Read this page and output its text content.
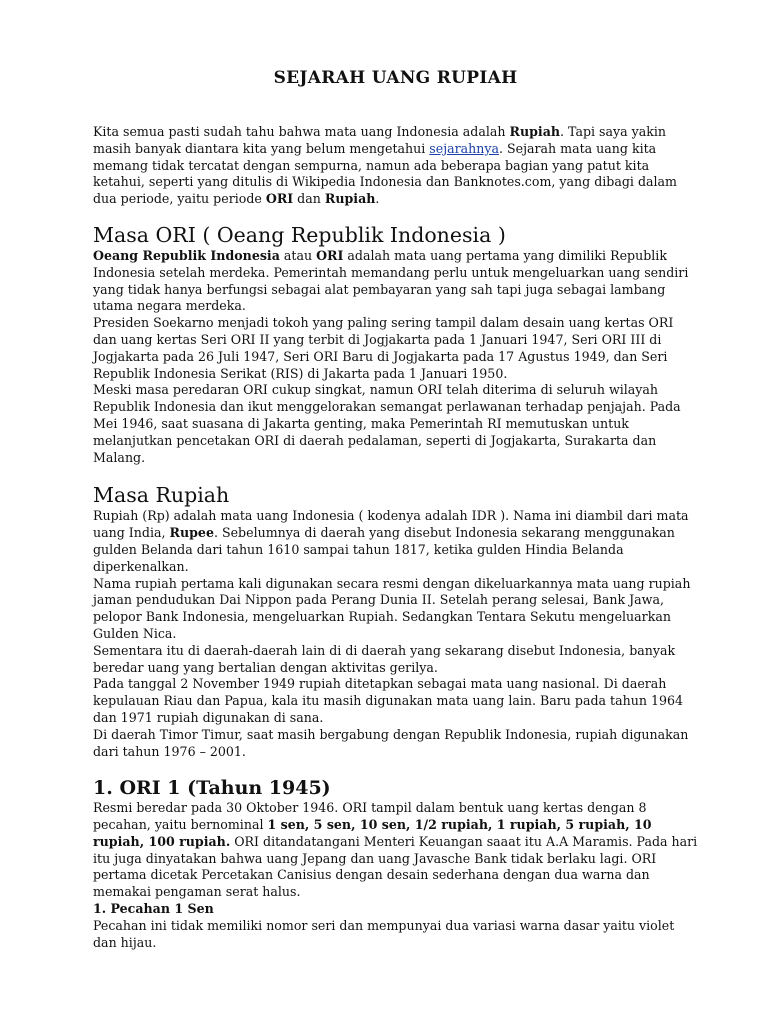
SEJARAH UANG RUPIAH

Kita semua pasti sudah tahu bahwa mata uang Indonesia adalah Rupiah. Tapi saya yakin masih banyak diantara kita yang belum mengetahui sejarahnya. Sejarah mata uang kita memang tidak tercatat dengan sempurna, namun ada beberapa bagian yang patut kita ketahui, seperti yang ditulis di Wikipedia Indonesia dan Banknotes.com, yang dibagi dalam dua periode, yaitu periode ORI dan Rupiah.

Masa ORI ( Oeang Republik Indonesia )

Oeang Republik Indonesia atau ORI adalah mata uang pertama yang dimiliki Republik Indonesia setelah merdeka. Pemerintah memandang perlu untuk mengeluarkan uang sendiri yang tidak hanya berfungsi sebagai alat pembayaran yang sah tapi juga sebagai lambang utama negara merdeka.

Presiden Soekarno menjadi tokoh yang paling sering tampil dalam desain uang kertas ORI dan uang kertas Seri ORI II yang terbit di Jogjakarta pada 1 Januari 1947, Seri ORI III di Jogjakarta pada 26 Juli 1947, Seri ORI Baru di Jogjakarta pada 17 Agustus 1949, dan Seri Republik Indonesia Serikat (RIS) di Jakarta pada 1 Januari 1950.

Meski masa peredaran ORI cukup singkat, namun ORI telah diterima di seluruh wilayah Republik Indonesia dan ikut menggelorakan semangat perlawanan terhadap penjajah. Pada Mei 1946, saat suasana di Jakarta genting, maka Pemerintah RI memutuskan untuk melanjutkan pencetakan ORI di daerah pedalaman, seperti di Jogjakarta, Surakarta dan Malang.

Masa Rupiah

Rupiah (Rp) adalah mata uang Indonesia ( kodenya adalah IDR ). Nama ini diambil dari mata uang India, Rupee. Sebelumnya di daerah yang disebut Indonesia sekarang menggunakan gulden Belanda dari tahun 1610 sampai tahun 1817, ketika gulden Hindia Belanda diperkenalkan.

Nama rupiah pertama kali digunakan secara resmi dengan dikeluarkannya mata uang rupiah jaman pendudukan Dai Nippon pada Perang Dunia II. Setelah perang selesai, Bank Jawa, pelopor Bank Indonesia, mengeluarkan Rupiah. Sedangkan Tentara Sekutu mengeluarkan Gulden Nica.

Sementara itu di daerah-daerah lain di di daerah yang sekarang disebut Indonesia, banyak beredar uang yang bertalian dengan aktivitas gerilya.

Pada tanggal 2 November 1949 rupiah ditetapkan sebagai mata uang nasional. Di daerah kepulauan Riau dan Papua, kala itu masih digunakan mata uang lain. Baru pada tahun 1964 dan 1971 rupiah digunakan di sana.

Di daerah Timor Timur, saat masih bergabung dengan Republik Indonesia, rupiah digunakan dari tahun 1976 – 2001.

1. ORI 1 (Tahun 1945)

Resmi beredar pada 30 Oktober 1946. ORI tampil dalam bentuk uang kertas dengan 8 pecahan, yaitu bernominal 1 sen, 5 sen, 10 sen, 1/2 rupiah, 1 rupiah, 5 rupiah, 10 rupiah, 100 rupiah. ORI ditandatangani Menteri Keuangan saaat itu A.A Maramis. Pada hari itu juga dinyatakan bahwa uang Jepang dan uang Javasche Bank tidak berlaku lagi. ORI pertama dicetak Percetakan Canisius dengan desain sederhana dengan dua warna dan memakai pengaman serat halus.

1. Pecahan 1 Sen

Pecahan ini tidak memiliki nomor seri dan mempunyai dua variasi warna dasar yaitu violet dan hijau.
